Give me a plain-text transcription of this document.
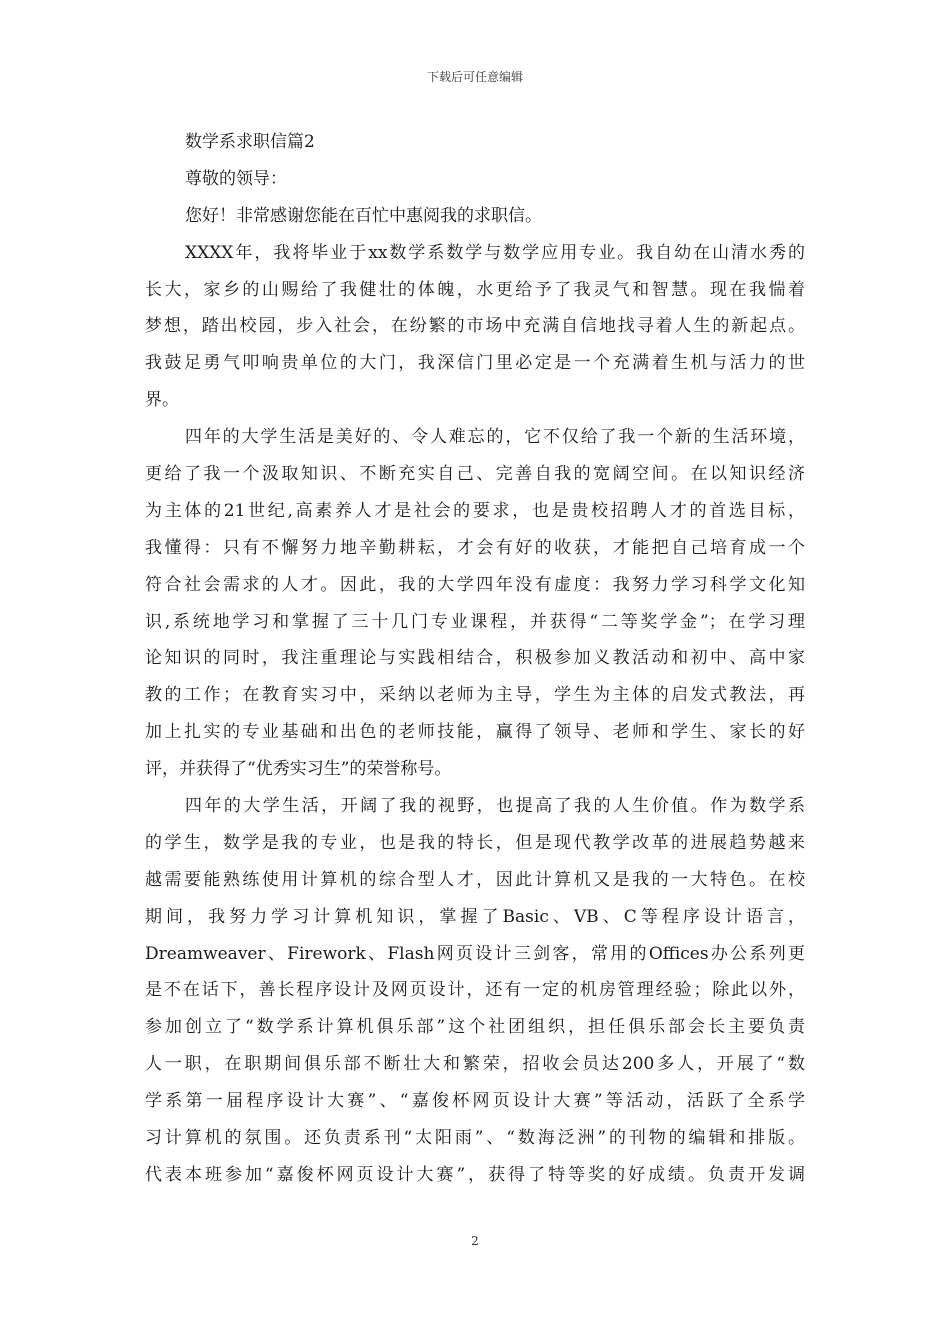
下载后可任意编辑
数学系求职信篇2
尊敬的领导：
您好！非常感谢您能在百忙中惠阅我的求职信。
XXXX年，我将毕业于xx数学系数学与数学应用专业。我自幼在山清水秀的
长大，家乡的山赐给了我健壮的体魄，水更给予了我灵气和智慧。现在我惴着
梦想，踏出校园，步入社会，在纷繁的市场中充满自信地找寻着人生的新起点。
我鼓足勇气叩响贵单位的大门，我深信门里必定是一个充满着生机与活力的世
界。
四年的大学生活是美好的、令人难忘的，它不仅给了我一个新的生活环境，
更给了我一个汲取知识、不断充实自己、完善自我的宽阔空间。在以知识经济
为主体的21世纪,高素养人才是社会的要求，也是贵校招聘人才的首选目标，
我懂得：只有不懈努力地辛勤耕耘，才会有好的收获，才能把自己培育成一个
符合社会需求的人才。因此，我的大学四年没有虚度：我努力学习科学文化知
识,系统地学习和掌握了三十几门专业课程，并获得“二等奖学金”；在学习理
论知识的同时，我注重理论与实践相结合，积极参加义教活动和初中、高中家
教的工作；在教育实习中，采纳以老师为主导，学生为主体的启发式教法，再
加上扎实的专业基础和出色的老师技能，赢得了领导、老师和学生、家长的好
评，并获得了“优秀实习生”的荣誉称号。
四年的大学生活，开阔了我的视野，也提高了我的人生价值。作为数学系
的学生，数学是我的专业，也是我的特长，但是现代教学改革的进展趋势越来
越需要能熟练使用计算机的综合型人才，因此计算机又是我的一大特色。在校
期间，我努力学习计算机知识，掌握了Basic、VB、C等程序设计语言，
Dreamweaver、Firework、Flash网页设计三剑客，常用的Offices办公系列更
是不在话下，善长程序设计及网页设计，还有一定的机房管理经验；除此以外，
参加创立了“数学系计算机俱乐部”这个社团组织，担任俱乐部会长主要负责
人一职，在职期间俱乐部不断壮大和繁荣，招收会员达200多人，开展了“数
学系第一届程序设计大赛”、“嘉俊杯网页设计大赛”等活动，活跃了全系学
习计算机的氛围。还负责系刊“太阳雨”、“数海泛洲”的刊物的编辑和排版。
代表本班参加“嘉俊杯网页设计大赛”，获得了特等奖的好成绩。负责开发调
2
